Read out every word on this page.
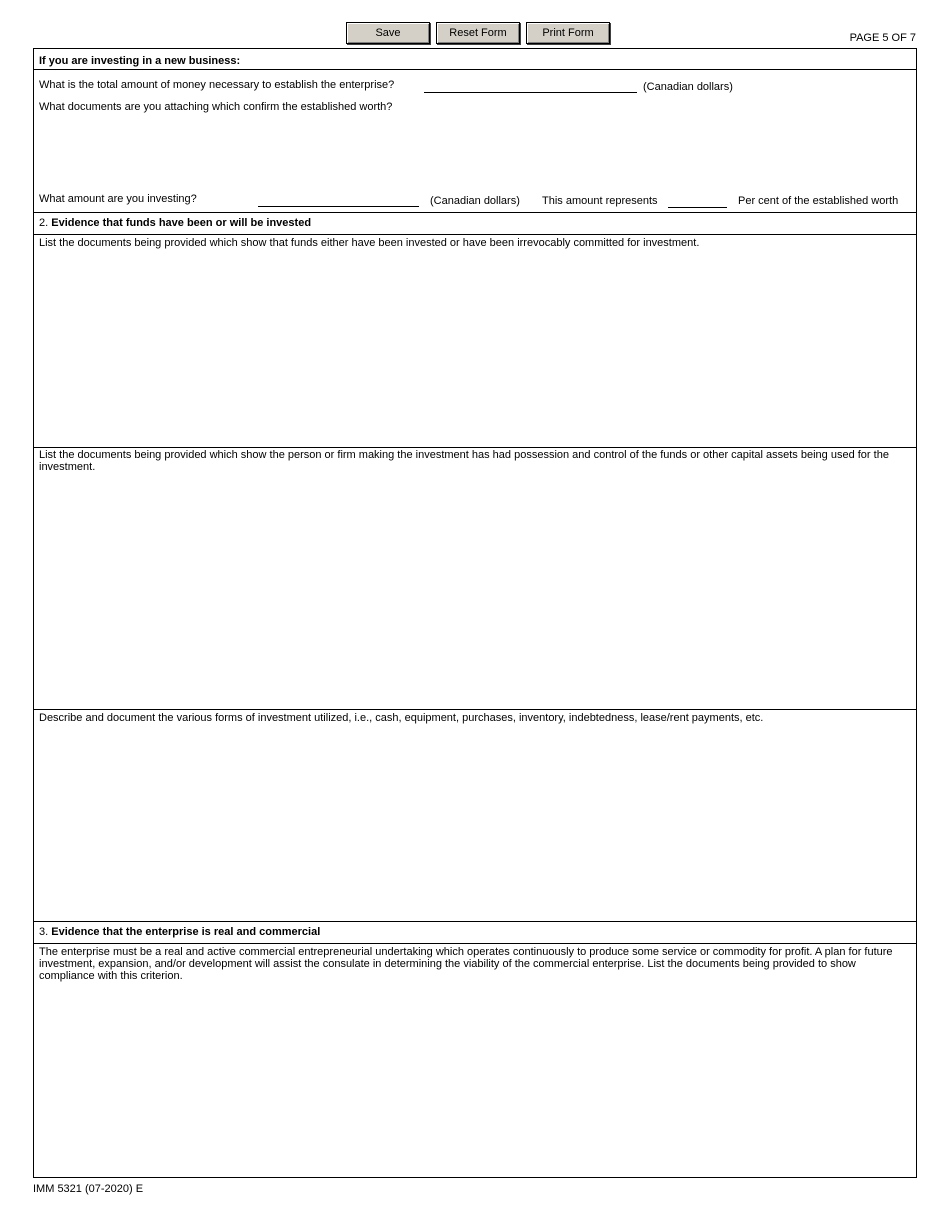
Save	Reset Form	Print Form	PAGE 5 OF 7
If you are investing in a new business:
What is the total amount of money necessary to establish the enterprise?	(Canadian dollars)
What documents are you attaching which confirm the established worth?
What amount are you investing?	(Canadian dollars) This amount represents	Per cent of the established worth
2. Evidence that funds have been or will be invested
List the documents being provided which show that funds either have been invested or have been irrevocably committed for investment.
List the documents being provided which show the person or firm making the investment has had possession and control of the funds or other capital assets being used for the investment.
Describe and document the various forms of investment utilized, i.e., cash, equipment, purchases, inventory, indebtedness, lease/rent payments, etc.
3. Evidence that the enterprise is real and commercial
The enterprise must be a real and active commercial entrepreneurial undertaking which operates continuously to produce some service or commodity for profit. A plan for future investment, expansion, and/or development will assist the consulate in determining the viability of the commercial enterprise. List the documents being provided to show compliance with this criterion.
IMM 5321 (07-2020) E
